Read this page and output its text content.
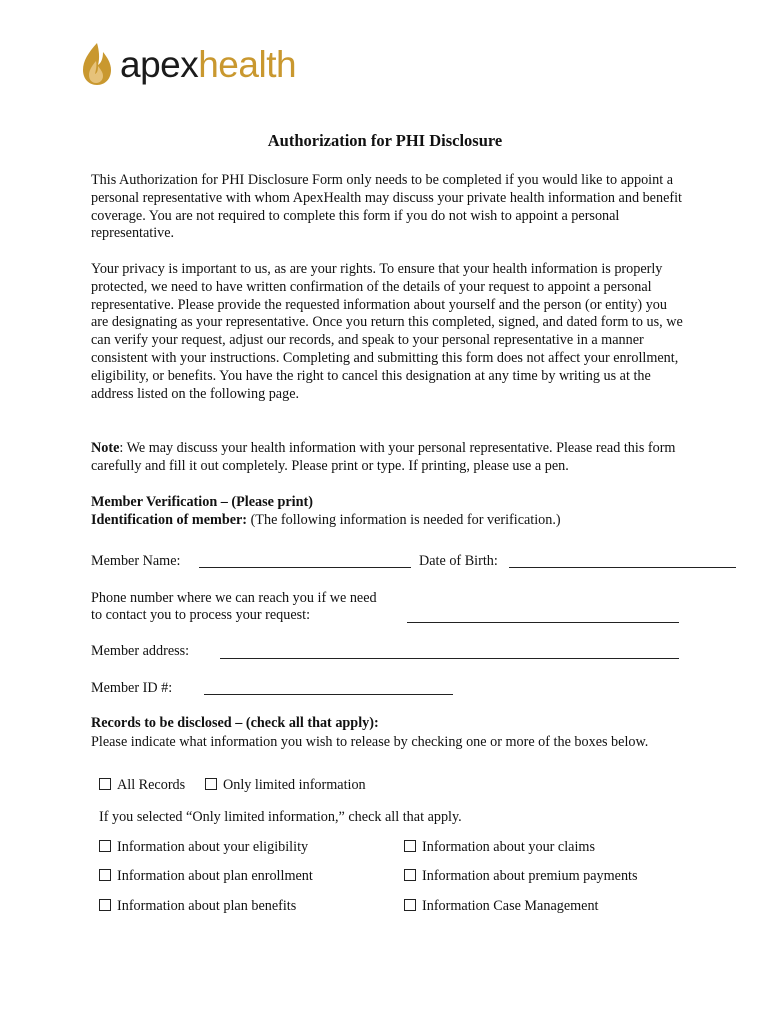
apexhealth
Authorization for PHI Disclosure
This Authorization for PHI Disclosure Form only needs to be completed if you would like to appoint a personal representative with whom ApexHealth may discuss your private health information and benefit coverage. You are not required to complete this form if you do not wish to appoint a personal representative.
Your privacy is important to us, as are your rights. To ensure that your health information is properly protected, we need to have written confirmation of the details of your request to appoint a personal representative. Please provide the requested information about yourself and the person (or entity) you are designating as your representative. Once you return this completed, signed, and dated form to us, we can verify your request, adjust our records, and speak to your personal representative in a manner consistent with your instructions. Completing and submitting this form does not affect your enrollment, eligibility, or benefits. You have the right to cancel this designation at any time by writing us at the address listed on the following page.
Note: We may discuss your health information with your personal representative. Please read this form carefully and fill it out completely. Please print or type. If printing, please use a pen.
Member Verification – (Please print)
Identification of member: (The following information is needed for verification.)
Member Name:	Date of Birth:
Phone number where we can reach you if we need
to contact you to process your request:
Member address:
Member ID #:
Records to be disclosed – (check all that apply):
Please indicate what information you wish to release by checking one or more of the boxes below.
All Records	Only limited information
If you selected “Only limited information,” check all that apply.
Information about your eligibility	Information about your claims
Information about plan enrollment	Information about premium payments
Information about plan benefits	Information Case Management
